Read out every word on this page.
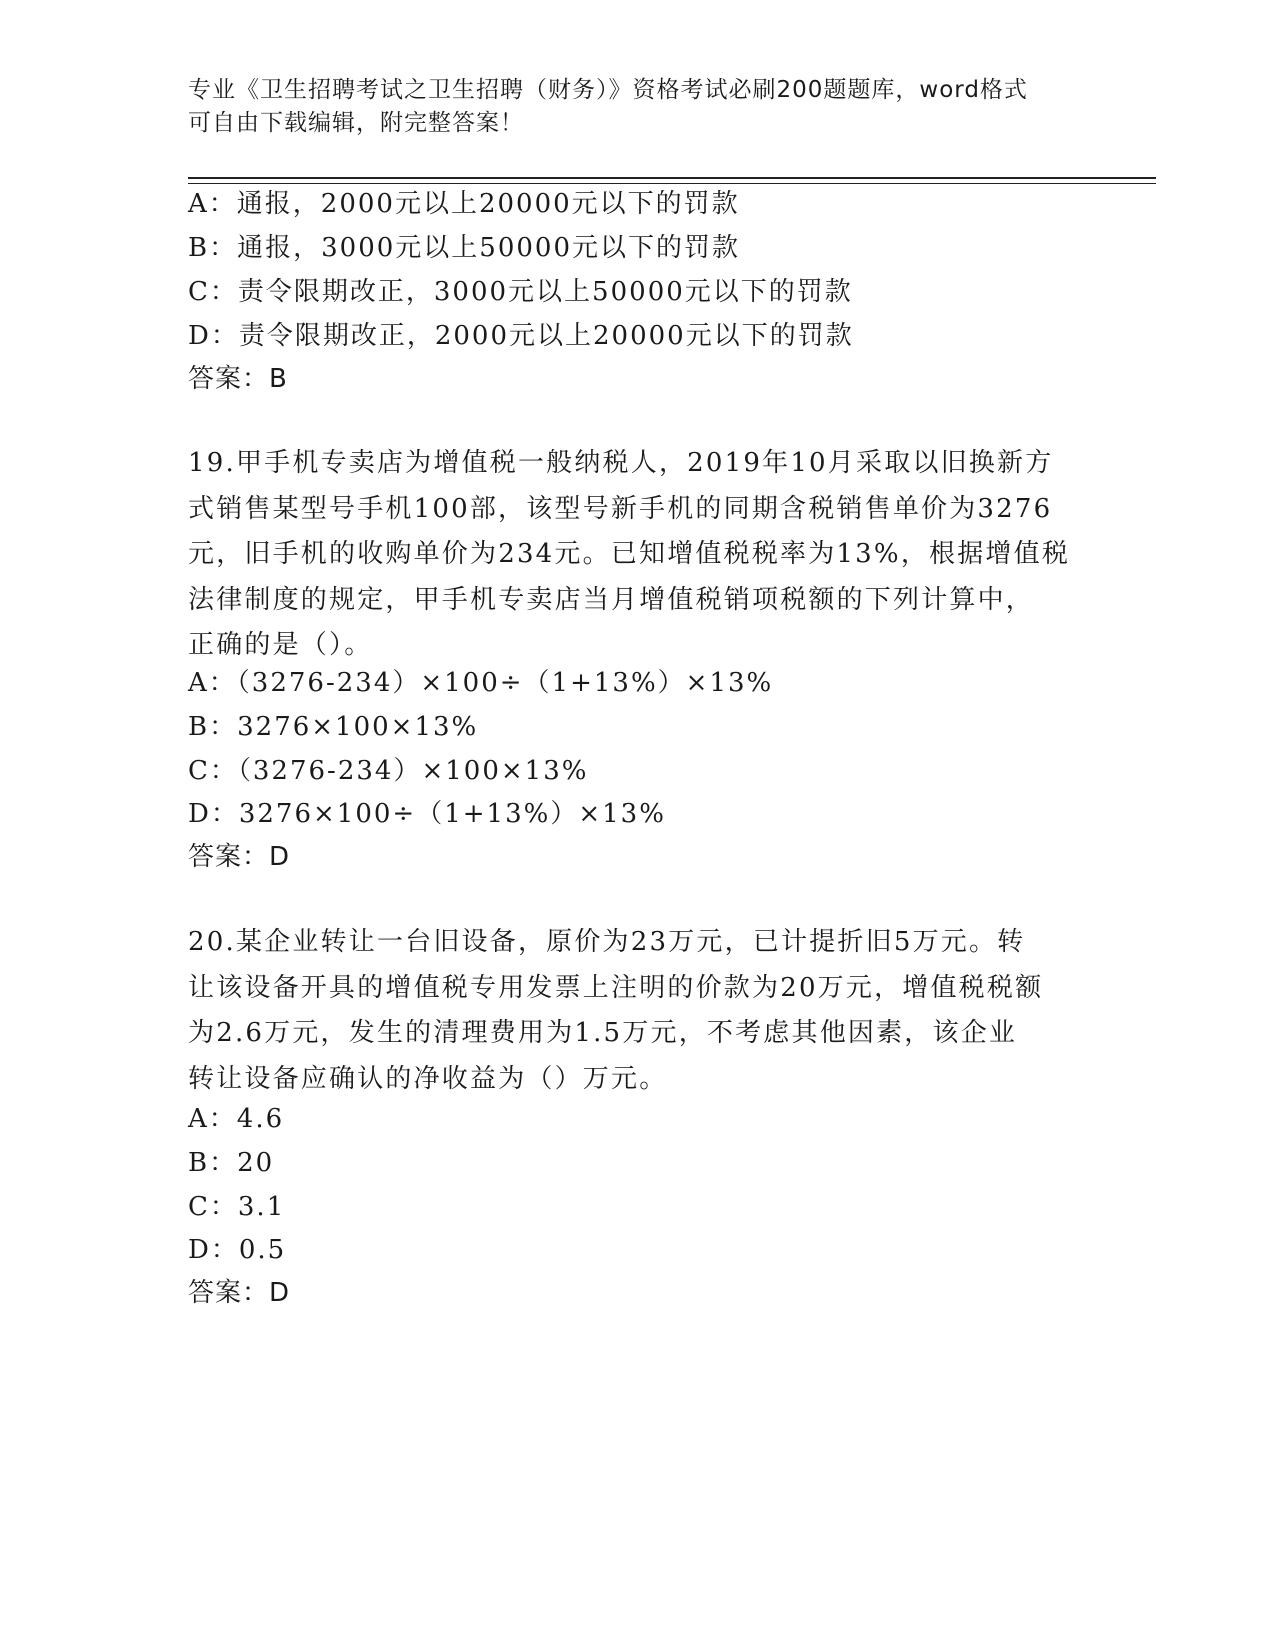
专业《卫生招聘考试之卫生招聘（财务）》资格考试必刷200题题库，word格式
可自由下载编辑，附完整答案！
A：通报，2000元以上20000元以下的罚款
B：通报，3000元以上50000元以下的罚款
C：责令限期改正，3000元以上50000元以下的罚款
D：责令限期改正，2000元以上20000元以下的罚款
答案：B
19.甲手机专卖店为增值税一般纳税人，2019年10月采取以旧换新方
式销售某型号手机100部，该型号新手机的同期含税销售单价为3276
元，旧手机的收购单价为234元。已知增值税税率为13%，根据增值税
法律制度的规定，甲手机专卖店当月增值税销项税额的下列计算中，
正确的是（）。
A：（3276-234）×100÷（1+13%）×13%
B：3276×100×13%
C：（3276-234）×100×13%
D：3276×100÷（1+13%）×13%
答案：D
20.某企业转让一台旧设备，原价为23万元，已计提折旧5万元。转
让该设备开具的增值税专用发票上注明的价款为20万元，增值税税额
为2.6万元，发生的清理费用为1.5万元，不考虑其他因素，该企业
转让设备应确认的净收益为（）万元。
A：4.6
B：20
C：3.1
D：0.5
答案：D
